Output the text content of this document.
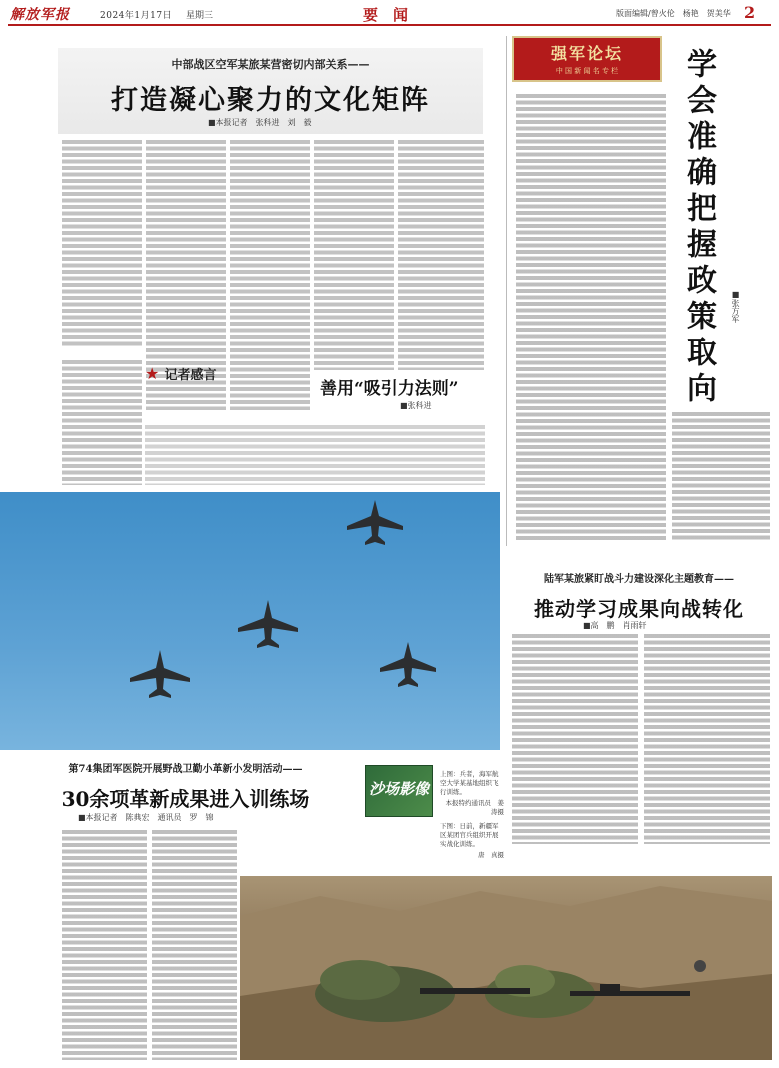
解放军报	2024年1月17日 星期三	要　闻	版面编辑/曾火伦　杨艳　贺美华 2
中部战区空军某旅某营密切内部关系——
打造凝心聚力的文化矩阵
■本报记者　张科进　刘　毅
★ 记者感言
善用“吸引力法则”
■张科进
强军论坛
中 国 新 闻 名 专 栏	学会准确把握政策取向 ■张方军
陆军某旅紧盯战斗力建设深化主题教育——
推动学习成果向战转化
■高　鹏　肖雨轩
沙场影像
上图：兵者，海军航空大学某基地组织飞行训练。
本报特约通讯员　姜　涛摄
下图：日前，新疆军区某团官兵组织开展实战化训练。
唐　真摄
第74集团军医院开展野战卫勤小革新小发明活动——
30余项革新成果进入训练场
■本报记者　陈典宏　通讯员　罗　锦
